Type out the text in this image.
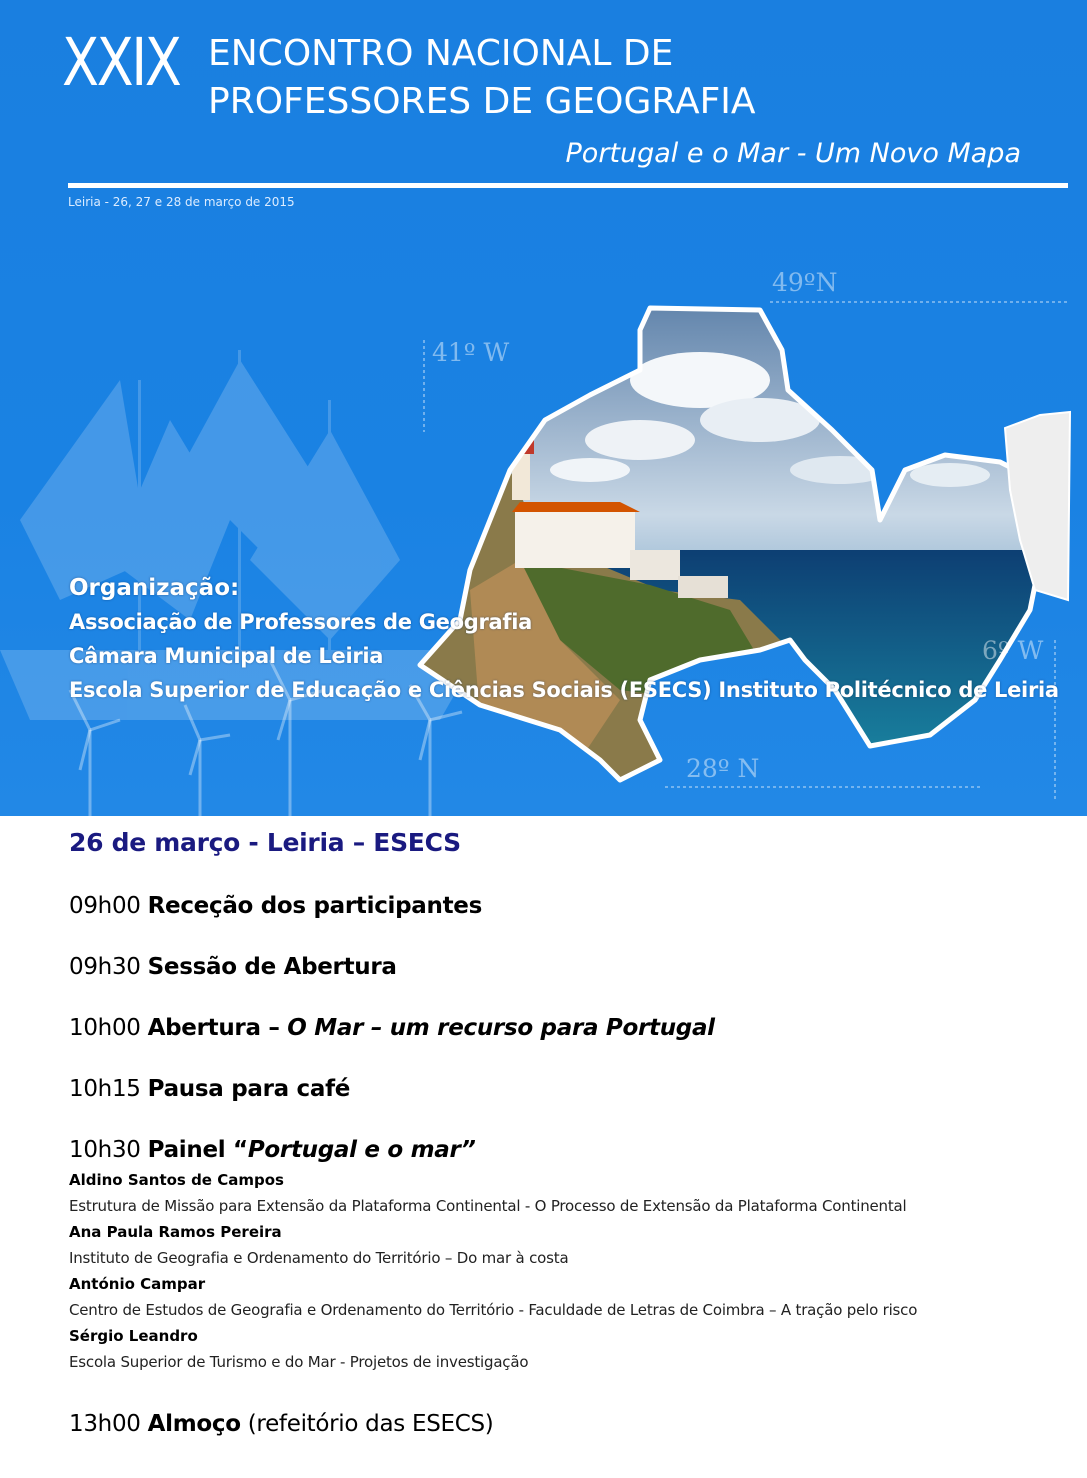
XXIX ENCONTRO NACIONAL DE
PROFESSORES DE GEOGRAFIA
Portugal e o Mar - Um Novo Mapa
Leiria - 26, 27 e 28 de março de 2015
49ºN
41º W
6º W
28º N
Organização:
Associação de Professores de Geografia
Câmara Municipal de Leiria
Escola Superior de Educação e Ciências Sociais (ESECS) Instituto Politécnico de Leiria
26 de março - Leiria – ESECS
09h00 Receção dos participantes
09h30 Sessão de Abertura
10h00 Abertura – O Mar – um recurso para Portugal
10h15 Pausa para café
10h30 Painel “Portugal e o mar”
Aldino Santos de Campos
Estrutura de Missão para Extensão da Plataforma Continental - O Processo de Extensão da Plataforma Continental
Ana Paula Ramos Pereira
Instituto de Geografia e Ordenamento do Território – Do mar à costa
António Campar
Centro de Estudos de Geografia e Ordenamento do Território - Faculdade de Letras de Coimbra – A tração pelo risco
Sérgio Leandro
Escola Superior de Turismo e do Mar - Projetos de investigação
13h00 Almoço (refeitório das ESECS)
